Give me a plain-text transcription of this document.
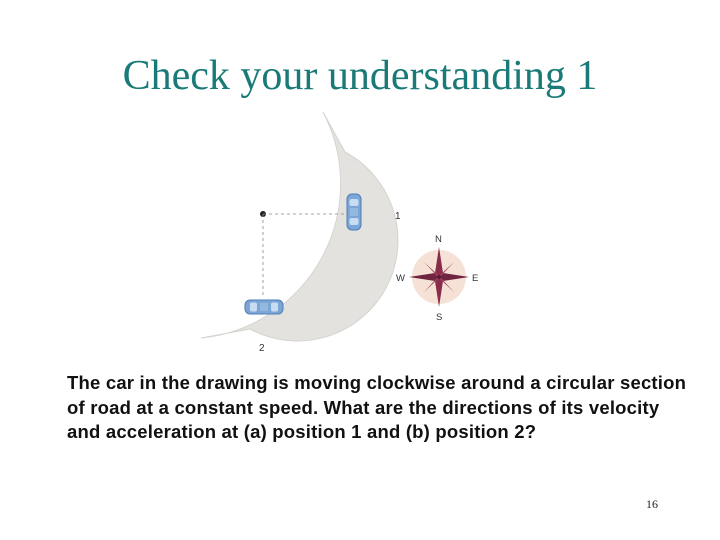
Check your understanding 1
1
2
N
S
E
W

The car in the drawing is moving clockwise around a circular section of road at a constant speed. What are the directions of its velocity and acceleration at (a) position 1 and (b) position 2?

16
